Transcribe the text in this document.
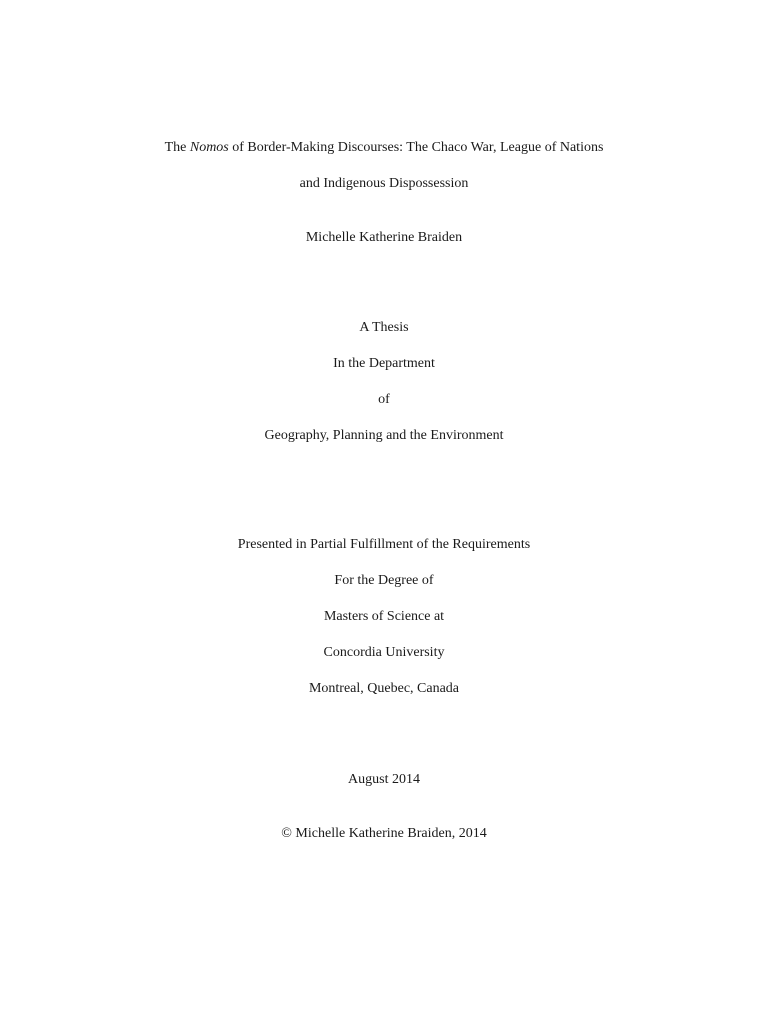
The Nomos of Border-Making Discourses: The Chaco War, League of Nations
and Indigenous Dispossession
Michelle Katherine Braiden
A Thesis
In the Department
of
Geography, Planning and the Environment
Presented in Partial Fulfillment of the Requirements
For the Degree of
Masters of Science at
Concordia University
Montreal, Quebec, Canada
August 2014
© Michelle Katherine Braiden, 2014
